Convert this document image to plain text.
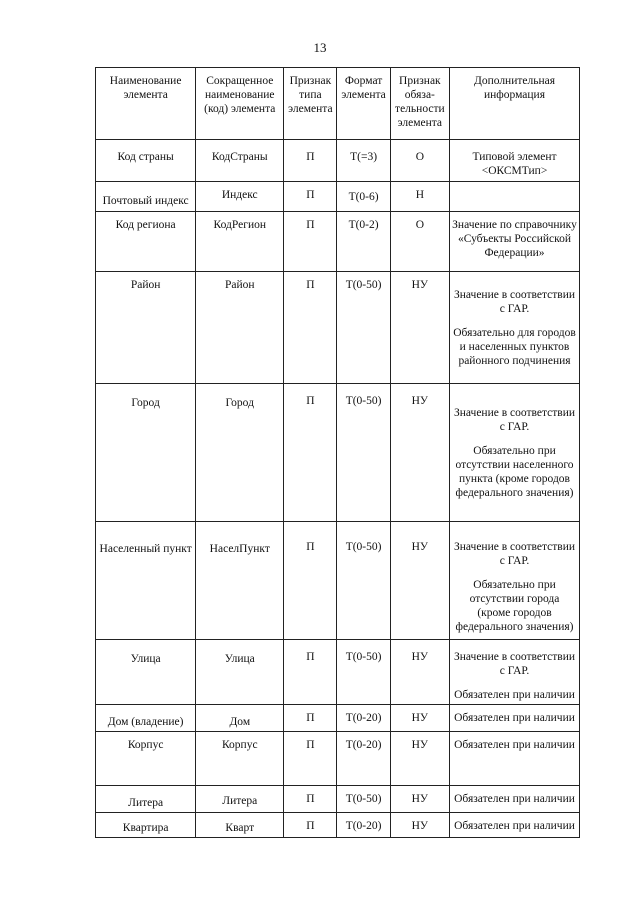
13
Наименование элемента	Сокращенное наименование (код) элемента	Признак типа элемента	Формат элемента	Признак обяза-тельности элемента	Дополнительная информация
Код страны	КодСтраны	П	Т(=3)	О	Типовой элемент <ОКСМТип>

Почтовый индекс	Индекс	П	Т(0-6)	Н	
Код региона	КодРегион	П	Т(0-2)	О	Значение по справочнику «Субъекты Российской Федерации»

Район	Район	П	Т(0-50)	НУ	Значение в соответствии с ГАР.
Обязательно для городов и населенных пунктов районного подчинения

Город	Город	П	Т(0-50)	НУ	Значение в соответствии с ГАР.
Обязательно при отсутствии населенного пункта (кроме городов федерального значения)

Населенный пункт	НаселПункт	П	Т(0-50)	НУ	Значение в соответствии с ГАР.
Обязательно при отсутствии города (кроме городов федерального значения)

Улица	Улица	П	Т(0-50)	НУ	Значение в соответствии с ГАР.
Обязателен при наличии

Дом (владение)	Дом	П	Т(0-20)	НУ	Обязателен при наличии

Корпус	Корпус	П	Т(0-20)	НУ	Обязателен при наличии

Литера	Литера	П	Т(0-50)	НУ	Обязателен при наличии

Квартира	Кварт	П	Т(0-20)	НУ	Обязателен при наличии
